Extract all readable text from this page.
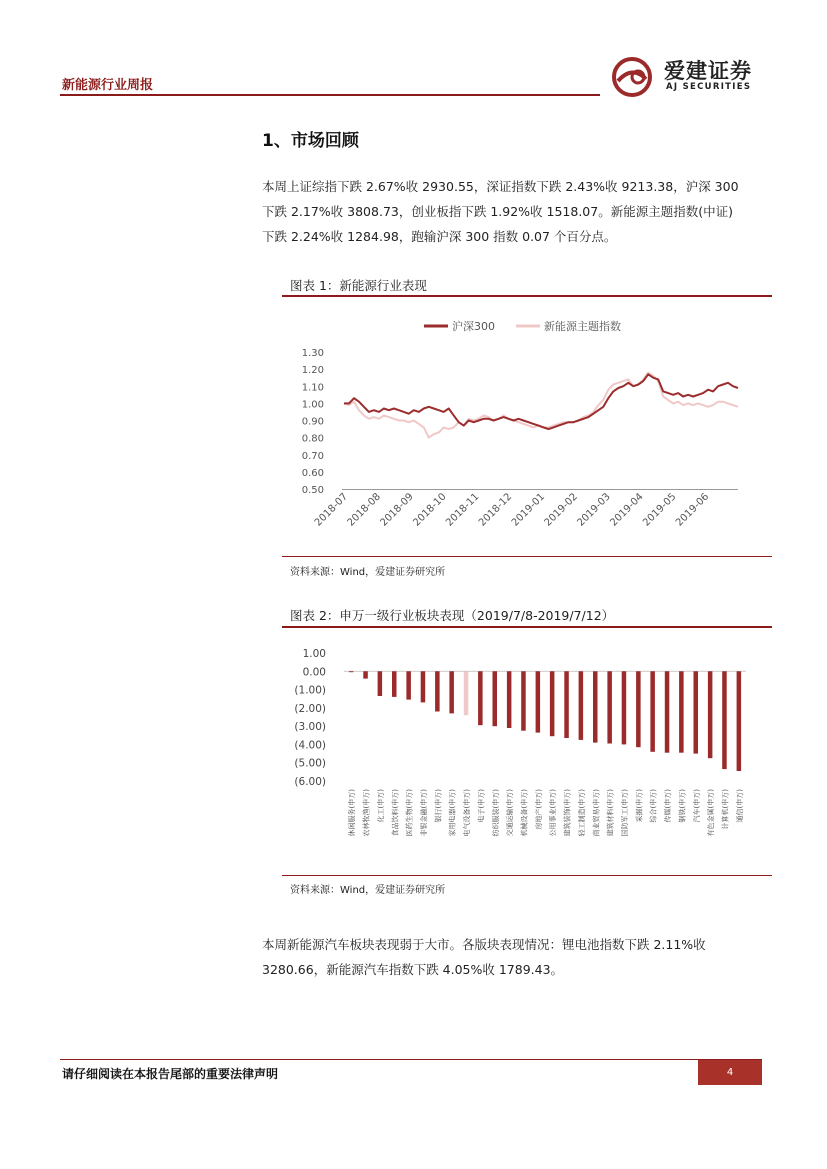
新能源行业周报
爱建证券
AJ SECURITIES
1、市场回顾
本周上证综指下跌 2.67%收 2930.55，深证指数下跌 2.43%收 9213.38，沪深 300
下跌 2.17%收 3808.73，创业板指下跌 1.92%收 1518.07。新能源主题指数(中证)
下跌 2.24%收 1284.98，跑输沪深 300 指数 0.07 个百分点。
图表 1：新能源行业表现
沪深300	新能源主题指数
1.30
1.20
1.10
1.00
0.90
0.80
0.70
0.60
0.50
2018-07
2018-08
2018-09
2018-10
2018-11
2018-12
2019-01
2019-02
2019-03
2019-04
2019-05
2019-06
资料来源：Wind，爱建证券研究所
图表 2：申万一级行业板块表现（2019/7/8-2019/7/12）
1.00
0.00
(1.00)
(2.00)
(3.00)
(4.00)
(5.00)
(6.00)
休闲服务(申万) 农林牧渔(申万) 化工(申万) 食品饮料(申万) 医药生物(申万) 非银金融(申万) 银行(申万) 家用电器(申万) 电气设备(申万) 电子(申万) 纺织服装(申万) 交通运输(申万) 机械设备(申万) 房地产(申万) 公用事业(申万) 建筑装饰(申万) 轻工制造(申万) 商业贸易(申万) 建筑材料(申万) 国防军工(申万) 采掘(申万) 综合(申万) 传媒(申万) 钢铁(申万) 汽车(申万) 有色金属(申万) 计算机(申万) 通信(申万)
资料来源：Wind，爱建证券研究所
本周新能源汽车板块表现弱于大市。各版块表现情况：锂电池指数下跌 2.11%收
3280.66，新能源汽车指数下跌 4.05%收 1789.43。
请仔细阅读在本报告尾部的重要法律声明	4
